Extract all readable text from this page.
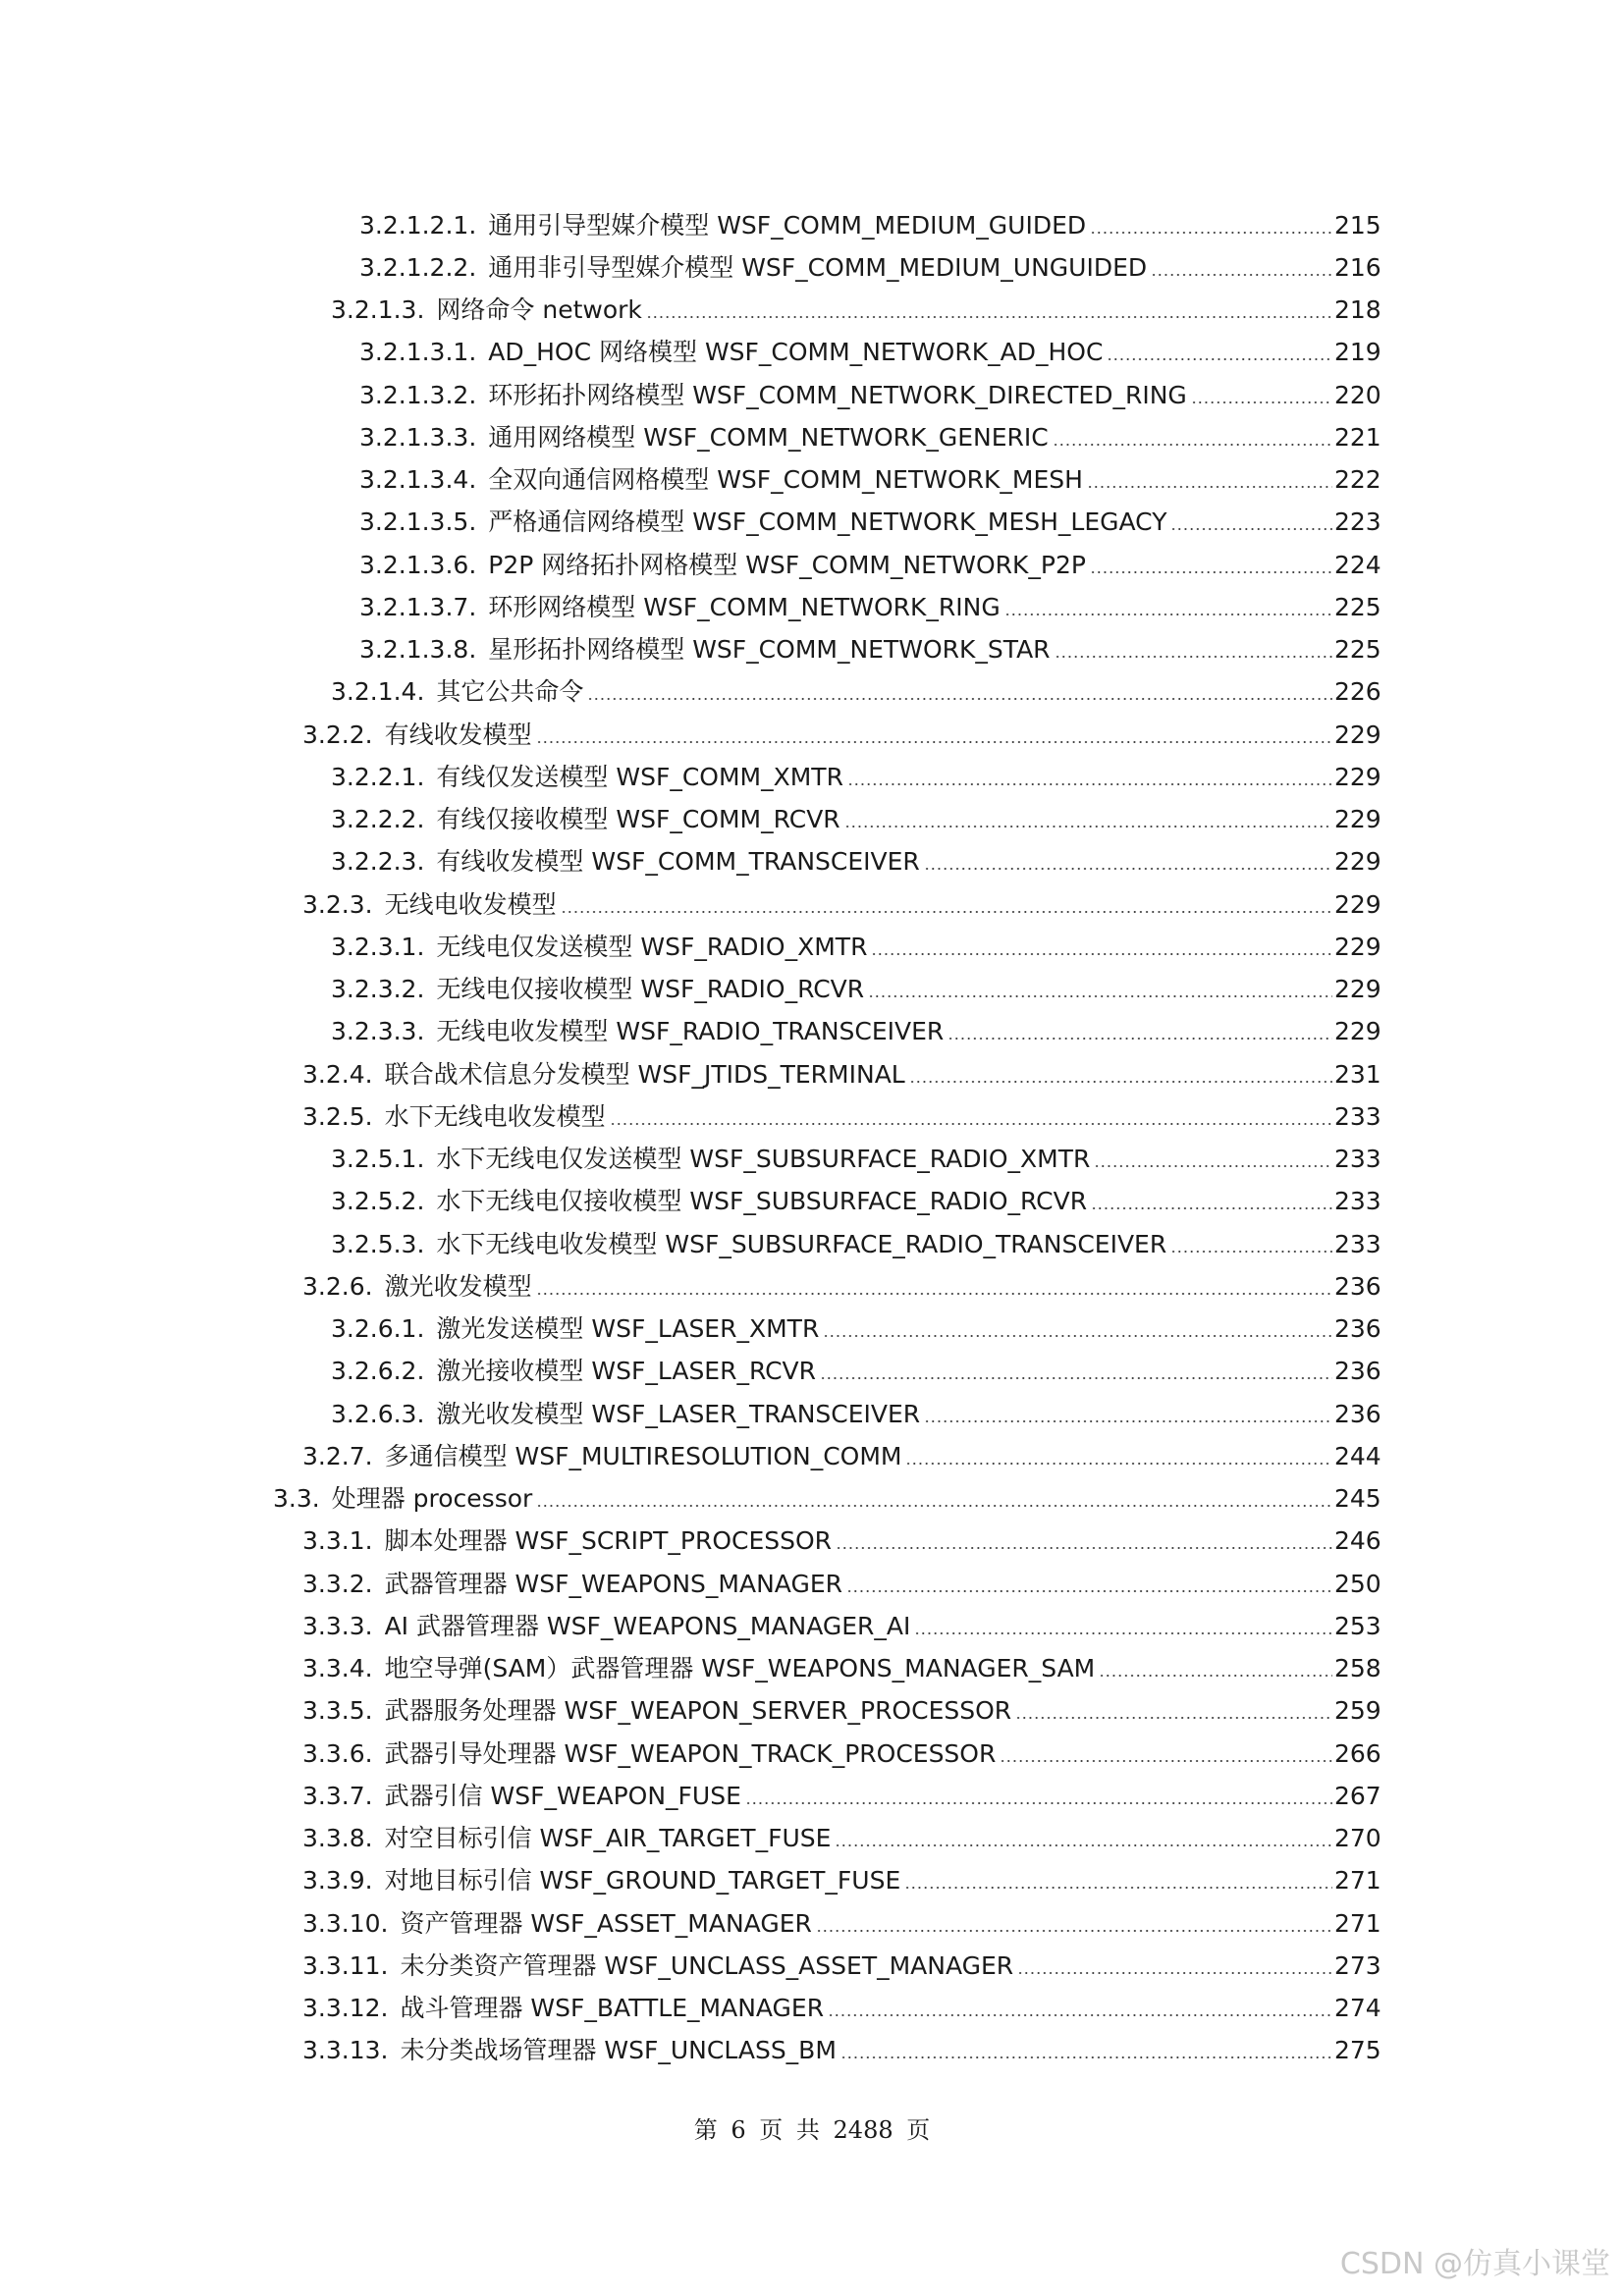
3.2.1.2.1. 通用引导型媒介模型 WSF_COMM_MEDIUM_GUIDED	215
3.2.1.2.2. 通用非引导型媒介模型 WSF_COMM_MEDIUM_UNGUIDED	216
3.2.1.3. 网络命令 network	218
3.2.1.3.1. AD_HOC 网络模型 WSF_COMM_NETWORK_AD_HOC	219
3.2.1.3.2. 环形拓扑网络模型 WSF_COMM_NETWORK_DIRECTED_RING	220
3.2.1.3.3. 通用网络模型 WSF_COMM_NETWORK_GENERIC	221
3.2.1.3.4. 全双向通信网格模型 WSF_COMM_NETWORK_MESH	222
3.2.1.3.5. 严格通信网络模型 WSF_COMM_NETWORK_MESH_LEGACY	223
3.2.1.3.6. P2P 网络拓扑网格模型 WSF_COMM_NETWORK_P2P	224
3.2.1.3.7. 环形网络模型 WSF_COMM_NETWORK_RING	225
3.2.1.3.8. 星形拓扑网络模型 WSF_COMM_NETWORK_STAR	225
3.2.1.4. 其它公共命令	226
3.2.2. 有线收发模型	229
3.2.2.1. 有线仅发送模型 WSF_COMM_XMTR	229
3.2.2.2. 有线仅接收模型 WSF_COMM_RCVR	229
3.2.2.3. 有线收发模型 WSF_COMM_TRANSCEIVER	229
3.2.3. 无线电收发模型	229
3.2.3.1. 无线电仅发送模型 WSF_RADIO_XMTR	229
3.2.3.2. 无线电仅接收模型 WSF_RADIO_RCVR	229
3.2.3.3. 无线电收发模型 WSF_RADIO_TRANSCEIVER	229
3.2.4. 联合战术信息分发模型 WSF_JTIDS_TERMINAL	231
3.2.5. 水下无线电收发模型	233
3.2.5.1. 水下无线电仅发送模型 WSF_SUBSURFACE_RADIO_XMTR	233
3.2.5.2. 水下无线电仅接收模型 WSF_SUBSURFACE_RADIO_RCVR	233
3.2.5.3. 水下无线电收发模型 WSF_SUBSURFACE_RADIO_TRANSCEIVER	233
3.2.6. 激光收发模型	236
3.2.6.1. 激光发送模型 WSF_LASER_XMTR	236
3.2.6.2. 激光接收模型 WSF_LASER_RCVR	236
3.2.6.3. 激光收发模型 WSF_LASER_TRANSCEIVER	236
3.2.7. 多通信模型 WSF_MULTIRESOLUTION_COMM	244
3.3. 处理器 processor	245
3.3.1. 脚本处理器 WSF_SCRIPT_PROCESSOR	246
3.3.2. 武器管理器 WSF_WEAPONS_MANAGER	250
3.3.3. AI 武器管理器 WSF_WEAPONS_MANAGER_AI	253
3.3.4. 地空导弹(SAM）武器管理器 WSF_WEAPONS_MANAGER_SAM	258
3.3.5. 武器服务处理器 WSF_WEAPON_SERVER_PROCESSOR	259
3.3.6. 武器引导处理器 WSF_WEAPON_TRACK_PROCESSOR	266
3.3.7. 武器引信 WSF_WEAPON_FUSE	267
3.3.8. 对空目标引信 WSF_AIR_TARGET_FUSE	270
3.3.9. 对地目标引信 WSF_GROUND_TARGET_FUSE	271
3.3.10. 资产管理器 WSF_ASSET_MANAGER	271
3.3.11. 未分类资产管理器 WSF_UNCLASS_ASSET_MANAGER	273
3.3.12. 战斗管理器 WSF_BATTLE_MANAGER	274
3.3.13. 未分类战场管理器 WSF_UNCLASS_BM	275
第 6 页 共 2488 页
CSDN @仿真小课堂
